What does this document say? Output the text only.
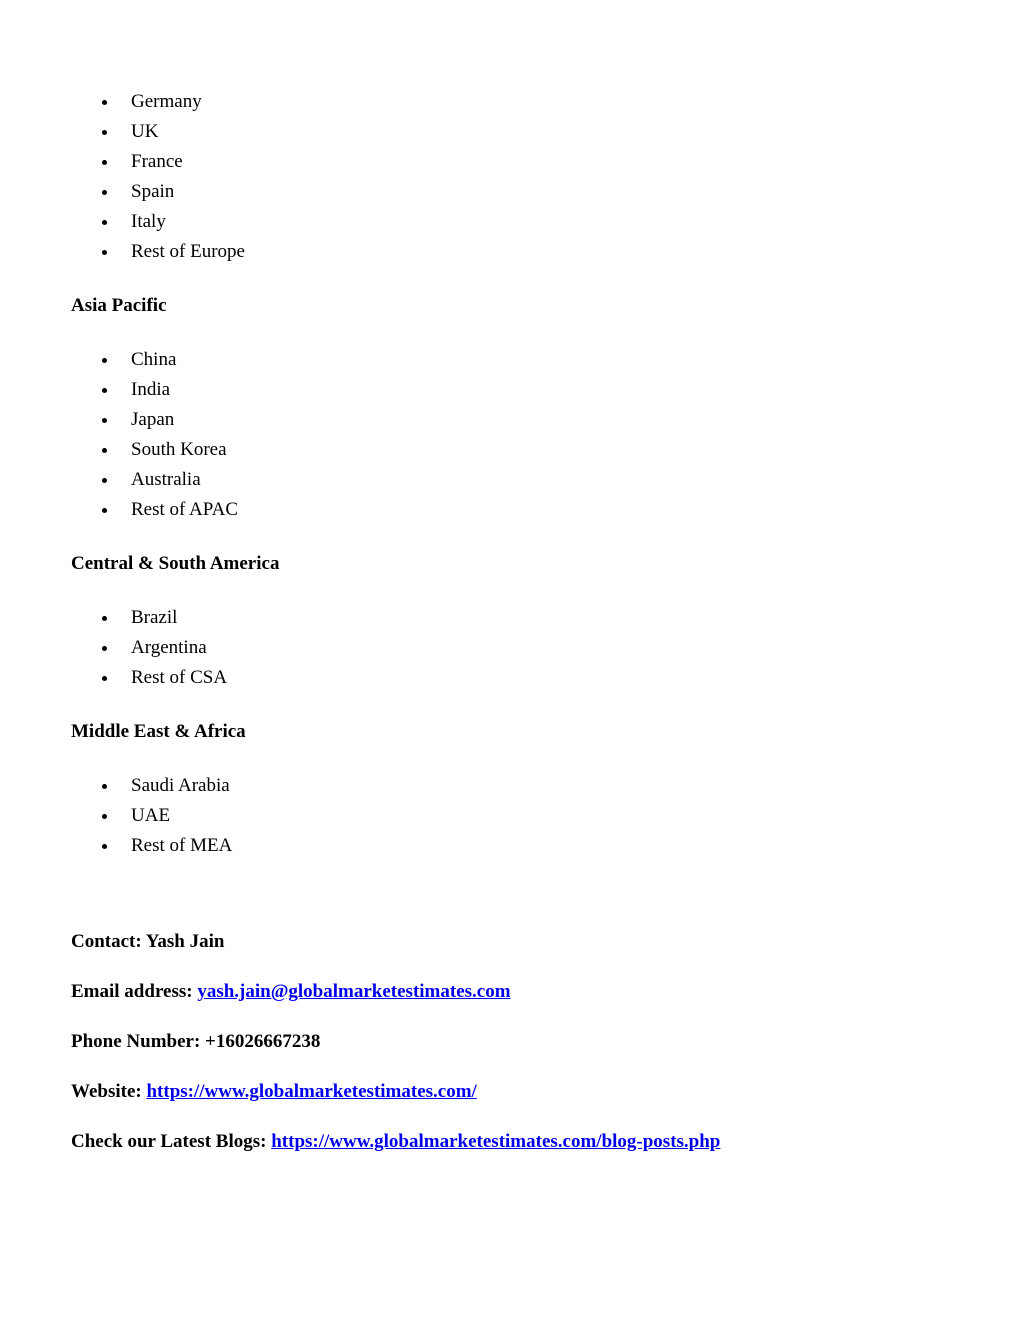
Germany
UK
France
Spain
Italy
Rest of Europe
Asia Pacific
China
India
Japan
South Korea
Australia
Rest of APAC
Central & South America
Brazil
Argentina
Rest of CSA
Middle East & Africa
Saudi Arabia
UAE
Rest of MEA

Contact: Yash Jain

Email address: yash.jain@globalmarketestimates.com

Phone Number: +16026667238

Website: https://www.globalmarketestimates.com/

Check our Latest Blogs: https://www.globalmarketestimates.com/blog-posts.php
